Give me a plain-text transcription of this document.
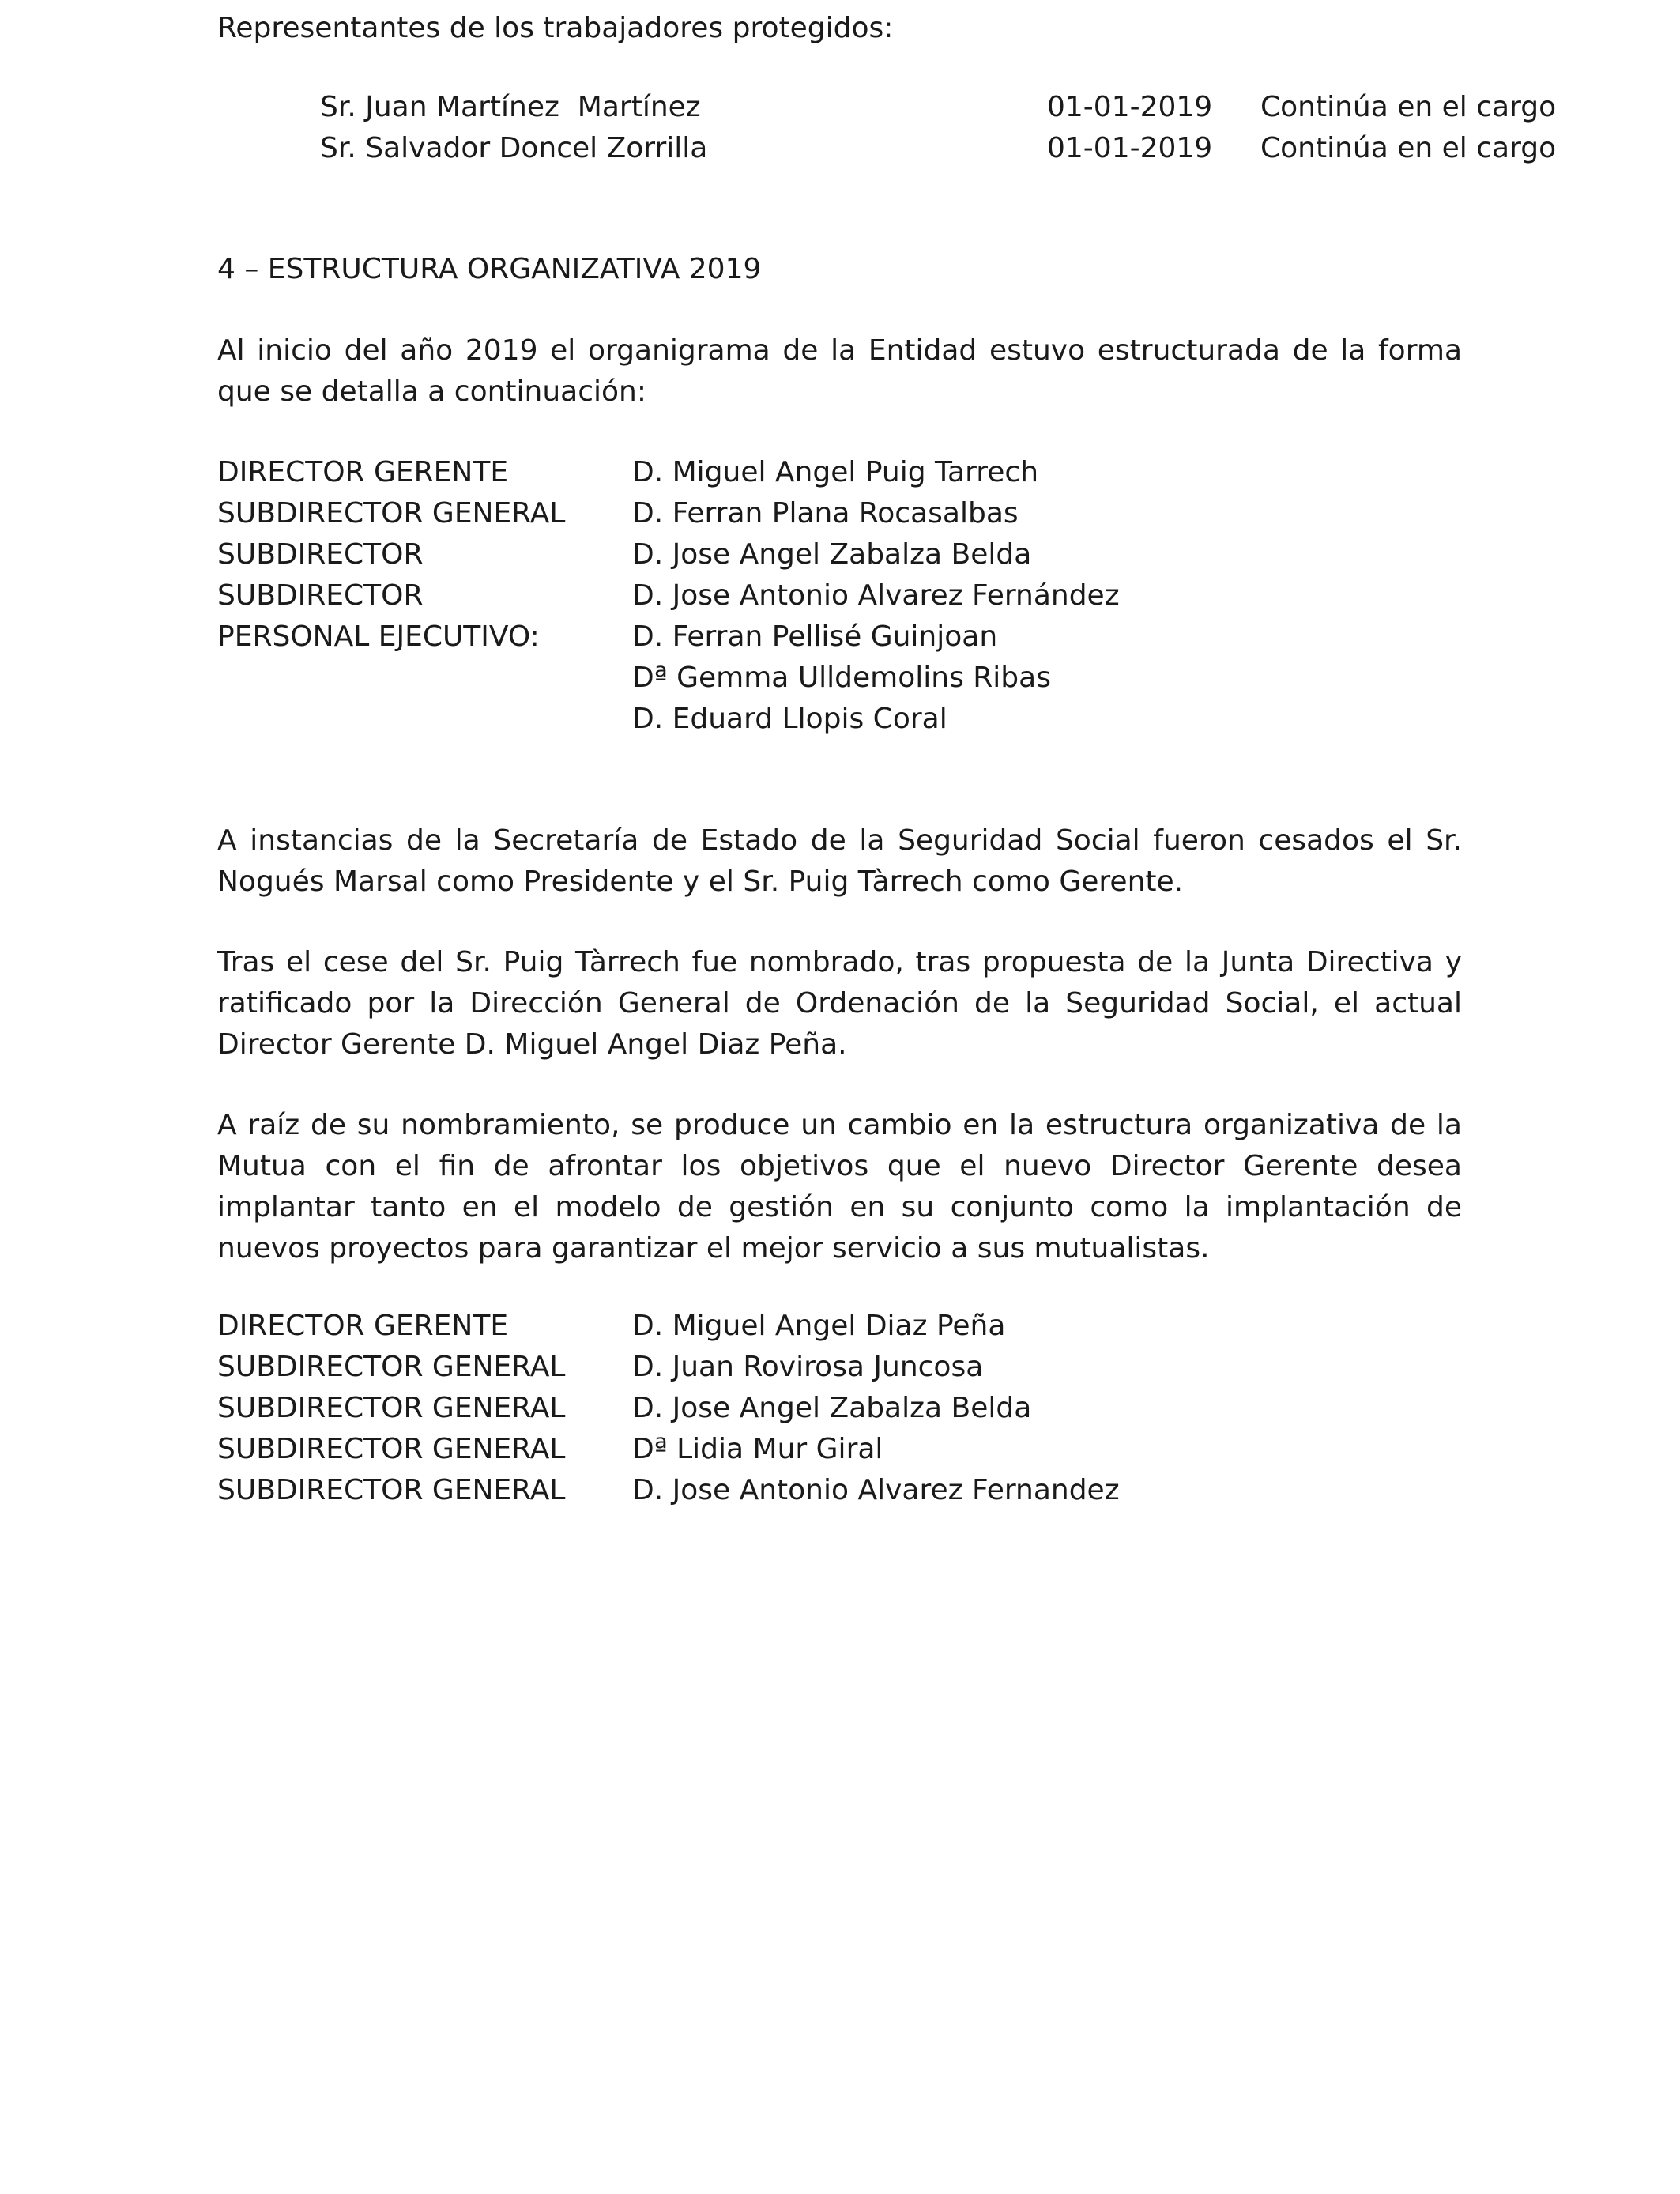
Representantes de los trabajadores protegidos:
Sr. Juan Martínez  Martínez	01-01-2019 Continúa en el cargo
Sr. Salvador Doncel Zorrilla	01-01-2019 Continúa en el cargo
4 – ESTRUCTURA ORGANIZATIVA 2019
Al inicio del año 2019 el organigrama de la Entidad estuvo estructurada de la forma que se detalla a continuación:
DIRECTOR GERENTE	D. Miguel Angel Puig Tarrech
SUBDIRECTOR GENERAL D. Ferran Plana Rocasalbas
SUBDIRECTOR	D. Jose Angel Zabalza Belda
SUBDIRECTOR	D. Jose Antonio Alvarez Fernández
PERSONAL EJECUTIVO:	D. Ferran Pellisé Guinjoan
Dª Gemma Ulldemolins Ribas
D. Eduard Llopis Coral
A instancias de la Secretaría de Estado de la Seguridad Social fueron cesados el Sr. Nogués Marsal como Presidente y el Sr. Puig Tàrrech como Gerente.
Tras el cese del Sr. Puig Tàrrech fue nombrado, tras propuesta de la Junta Directiva y ratificado por la Dirección General de Ordenación de la Seguridad Social, el actual Director Gerente D. Miguel Angel Diaz Peña.
A raíz de su nombramiento, se produce un cambio en la estructura organizativa de la Mutua con el fin de afrontar los objetivos que el nuevo Director Gerente desea implantar tanto en el modelo de gestión en su conjunto como la implantación de nuevos proyectos para garantizar el mejor servicio a sus mutualistas.
DIRECTOR GERENTE	D. Miguel Angel Diaz Peña
SUBDIRECTOR GENERAL D. Juan Rovirosa Juncosa
SUBDIRECTOR GENERAL D. Jose Angel Zabalza Belda
SUBDIRECTOR GENERAL Dª Lidia Mur Giral
SUBDIRECTOR GENERAL D. Jose Antonio Alvarez Fernandez
